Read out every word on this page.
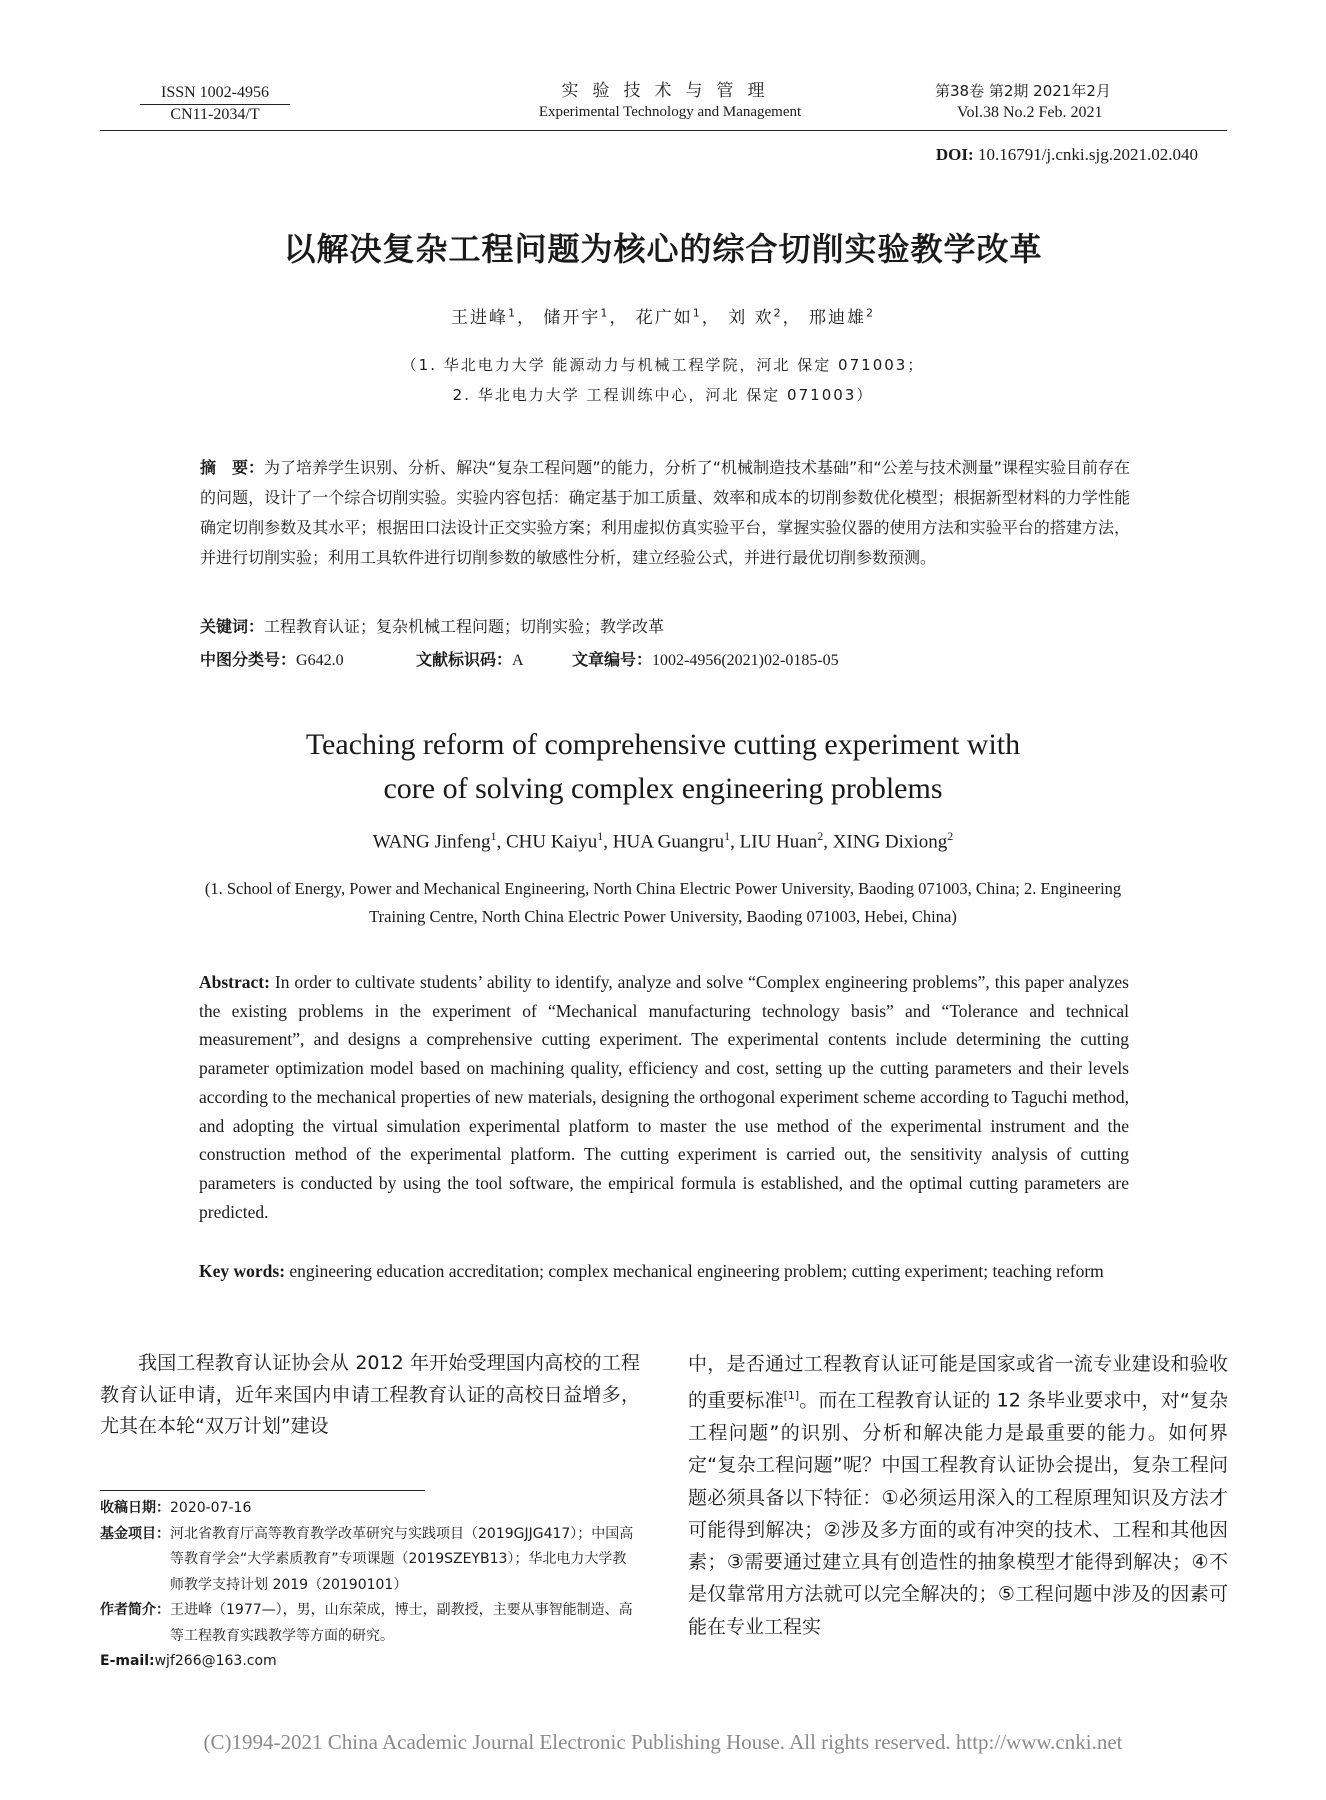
ISSN 1002-4956
CN11-2034/T
实验技术与管理
Experimental Technology and Management
第38卷 第2期 2021年2月
Vol.38 No.2 Feb. 2021
DOI: 10.16791/j.cnki.sjg.2021.02.040
以解决复杂工程问题为核心的综合切削实验教学改革
王进峰$^1$， 储开宇$^1$， 花广如$^1$， 刘 欢$^2$， 邢迪雄$^2$
（1. 华北电力大学 能源动力与机械工程学院，河北 保定 071003；
2. 华北电力大学 工程训练中心，河北 保定 071003）
摘　要：为了培养学生识别、分析、解决“复杂工程问题”的能力，分析了“机械制造技术基础”和“公差与技术测量”课程实验目前存在的问题，设计了一个综合切削实验。实验内容包括：确定基于加工质量、效率和成本的切削参数优化模型；根据新型材料的力学性能确定切削参数及其水平；根据田口法设计正交实验方案；利用虚拟仿真实验平台，掌握实验仪器的使用方法和实验平台的搭建方法，并进行切削实验；利用工具软件进行切削参数的敏感性分析，建立经验公式，并进行最优切削参数预测。
关键词：工程教育认证；复杂机械工程问题；切削实验；教学改革
中图分类号：G642.0	文献标识码：A	文章编号：1002-4956(2021)02-0185-05
Teaching reform of comprehensive cutting experiment with
core of solving complex engineering problems
WANG Jinfeng$^1$, CHU Kaiyu$^1$, HUA Guangru$^1$, LIU Huan$^2$, XING Dixiong$^2$
(1. School of Energy, Power and Mechanical Engineering, North China Electric Power University, Baoding 071003, China; 2. Engineering Training Centre, North China Electric Power University, Baoding 071003, Hebei, China)
Abstract: In order to cultivate students’ ability to identify, analyze and solve “Complex engineering problems”, this paper analyzes the existing problems in the experiment of “Mechanical manufacturing technology basis” and “Tolerance and technical measurement”, and designs a comprehensive cutting experiment. The experimental contents include determining the cutting parameter optimization model based on machining quality, efficiency and cost, setting up the cutting parameters and their levels according to the mechanical properties of new materials, designing the orthogonal experiment scheme according to Taguchi method, and adopting the virtual simulation experimental platform to master the use method of the experimental instrument and the construction method of the experimental platform. The cutting experiment is carried out, the sensitivity analysis of cutting parameters is conducted by using the tool software, the empirical formula is established, and the optimal cutting parameters are predicted.
Key words: engineering education accreditation; complex mechanical engineering problem; cutting experiment; teaching reform
我国工程教育认证协会从 2012 年开始受理国内高校的工程教育认证申请，近年来国内申请工程教育认证的高校日益增多，尤其在本轮“双万计划”建设
中，是否通过工程教育认证可能是国家或省一流专业建设和验收的重要标准[1]。而在工程教育认证的 12 条毕业要求中，对“复杂工程问题”的识别、分析和解决能力是最重要的能力。如何界定“复杂工程问题”呢？中国工程教育认证协会提出，复杂工程问题必须具备以下特征：①必须运用深入的工程原理知识及方法才可能得到解决；②涉及多方面的或有冲突的技术、工程和其他因素；③需要通过建立具有创造性的抽象模型才能得到解决；④不是仅靠常用方法就可以完全解决的；⑤工程问题中涉及的因素可能在专业工程实
收稿日期： 2020-07-16
基金项目： 河北省教育厅高等教育教学改革研究与实践项目（2019GJJG417）；中国高等教育学会“大学素质教育”专项课题（2019SZEYB13）；华北电力大学教师教学支持计划 2019（20190101）
作者简介： 王进峰（1977—），男，山东荣成，博士，副教授，主要从事智能制造、高等工程教育实践教学等方面的研究。
E-mail: wjf266@163.com
(C)1994-2021 China Academic Journal Electronic Publishing House. All rights reserved. http://www.cnki.net
